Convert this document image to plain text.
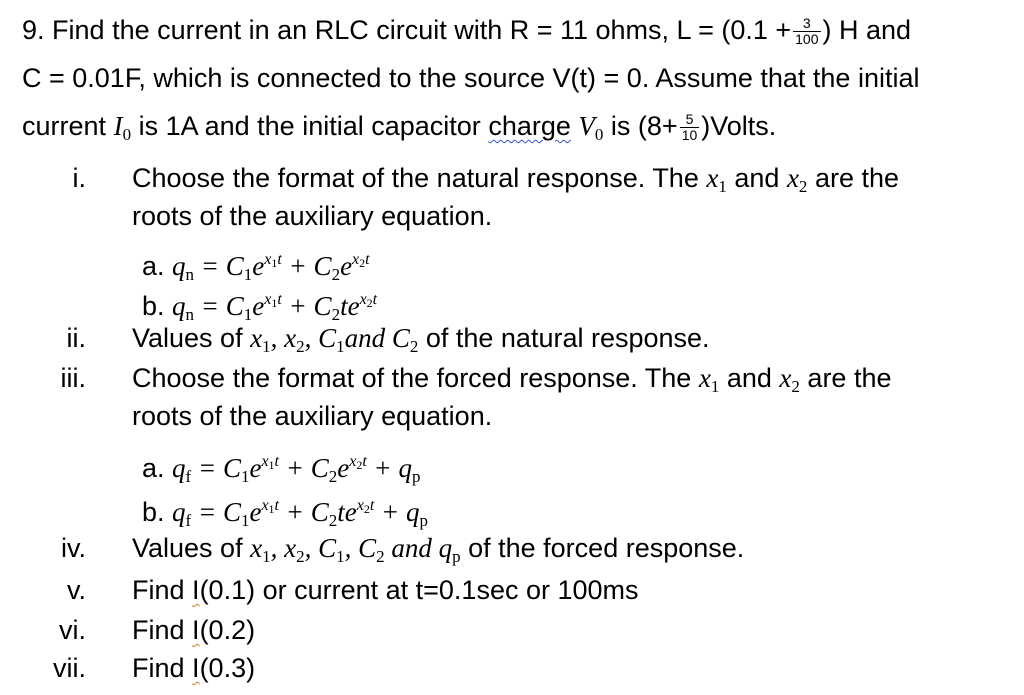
9. Find the current in an RLC circuit with R = 11 ohms, $L = (0.1 + \frac{3}{100}$ ) H and
C = 0.01F, which is connected to the source V(t) = 0. Assume that the initial
current $I_0$ is 1A and the initial capacitor charge $V_0$ is ($8+ \frac{5}{10}$ )Volts.
i. Choose the format of the natural response. The $x_1$ and $x_2$ are the
roots of the auxiliary equation.
a. $q_n = C_1e^{x_1t} + C_2e^{x_2t}$
b. $q_n = C_1e^{x_1t} + C_2te^{x_2t}$
ii. Values of $x_1$, $x_2$, $C_1and$ $C_2$ of the natural response.
iii. Choose the format of the forced response. The $x_1$ and $x_2$ are the
roots of the auxiliary equation.
a. $q_f = C_1e^{x_1t} + C_2e^{x_2t} + q_p$
b. $q_f = C_1e^{x_1t} + C_2te^{x_2t} + q_p$
iv. Values of $x_1$, $x_2$, $C_1$, $C_2$ and $q_p$ of the forced response.
v. Find I(0.1) or current at t=0.1sec or 100ms
vi. Find I(0.2)
vii. Find I(0.3)
